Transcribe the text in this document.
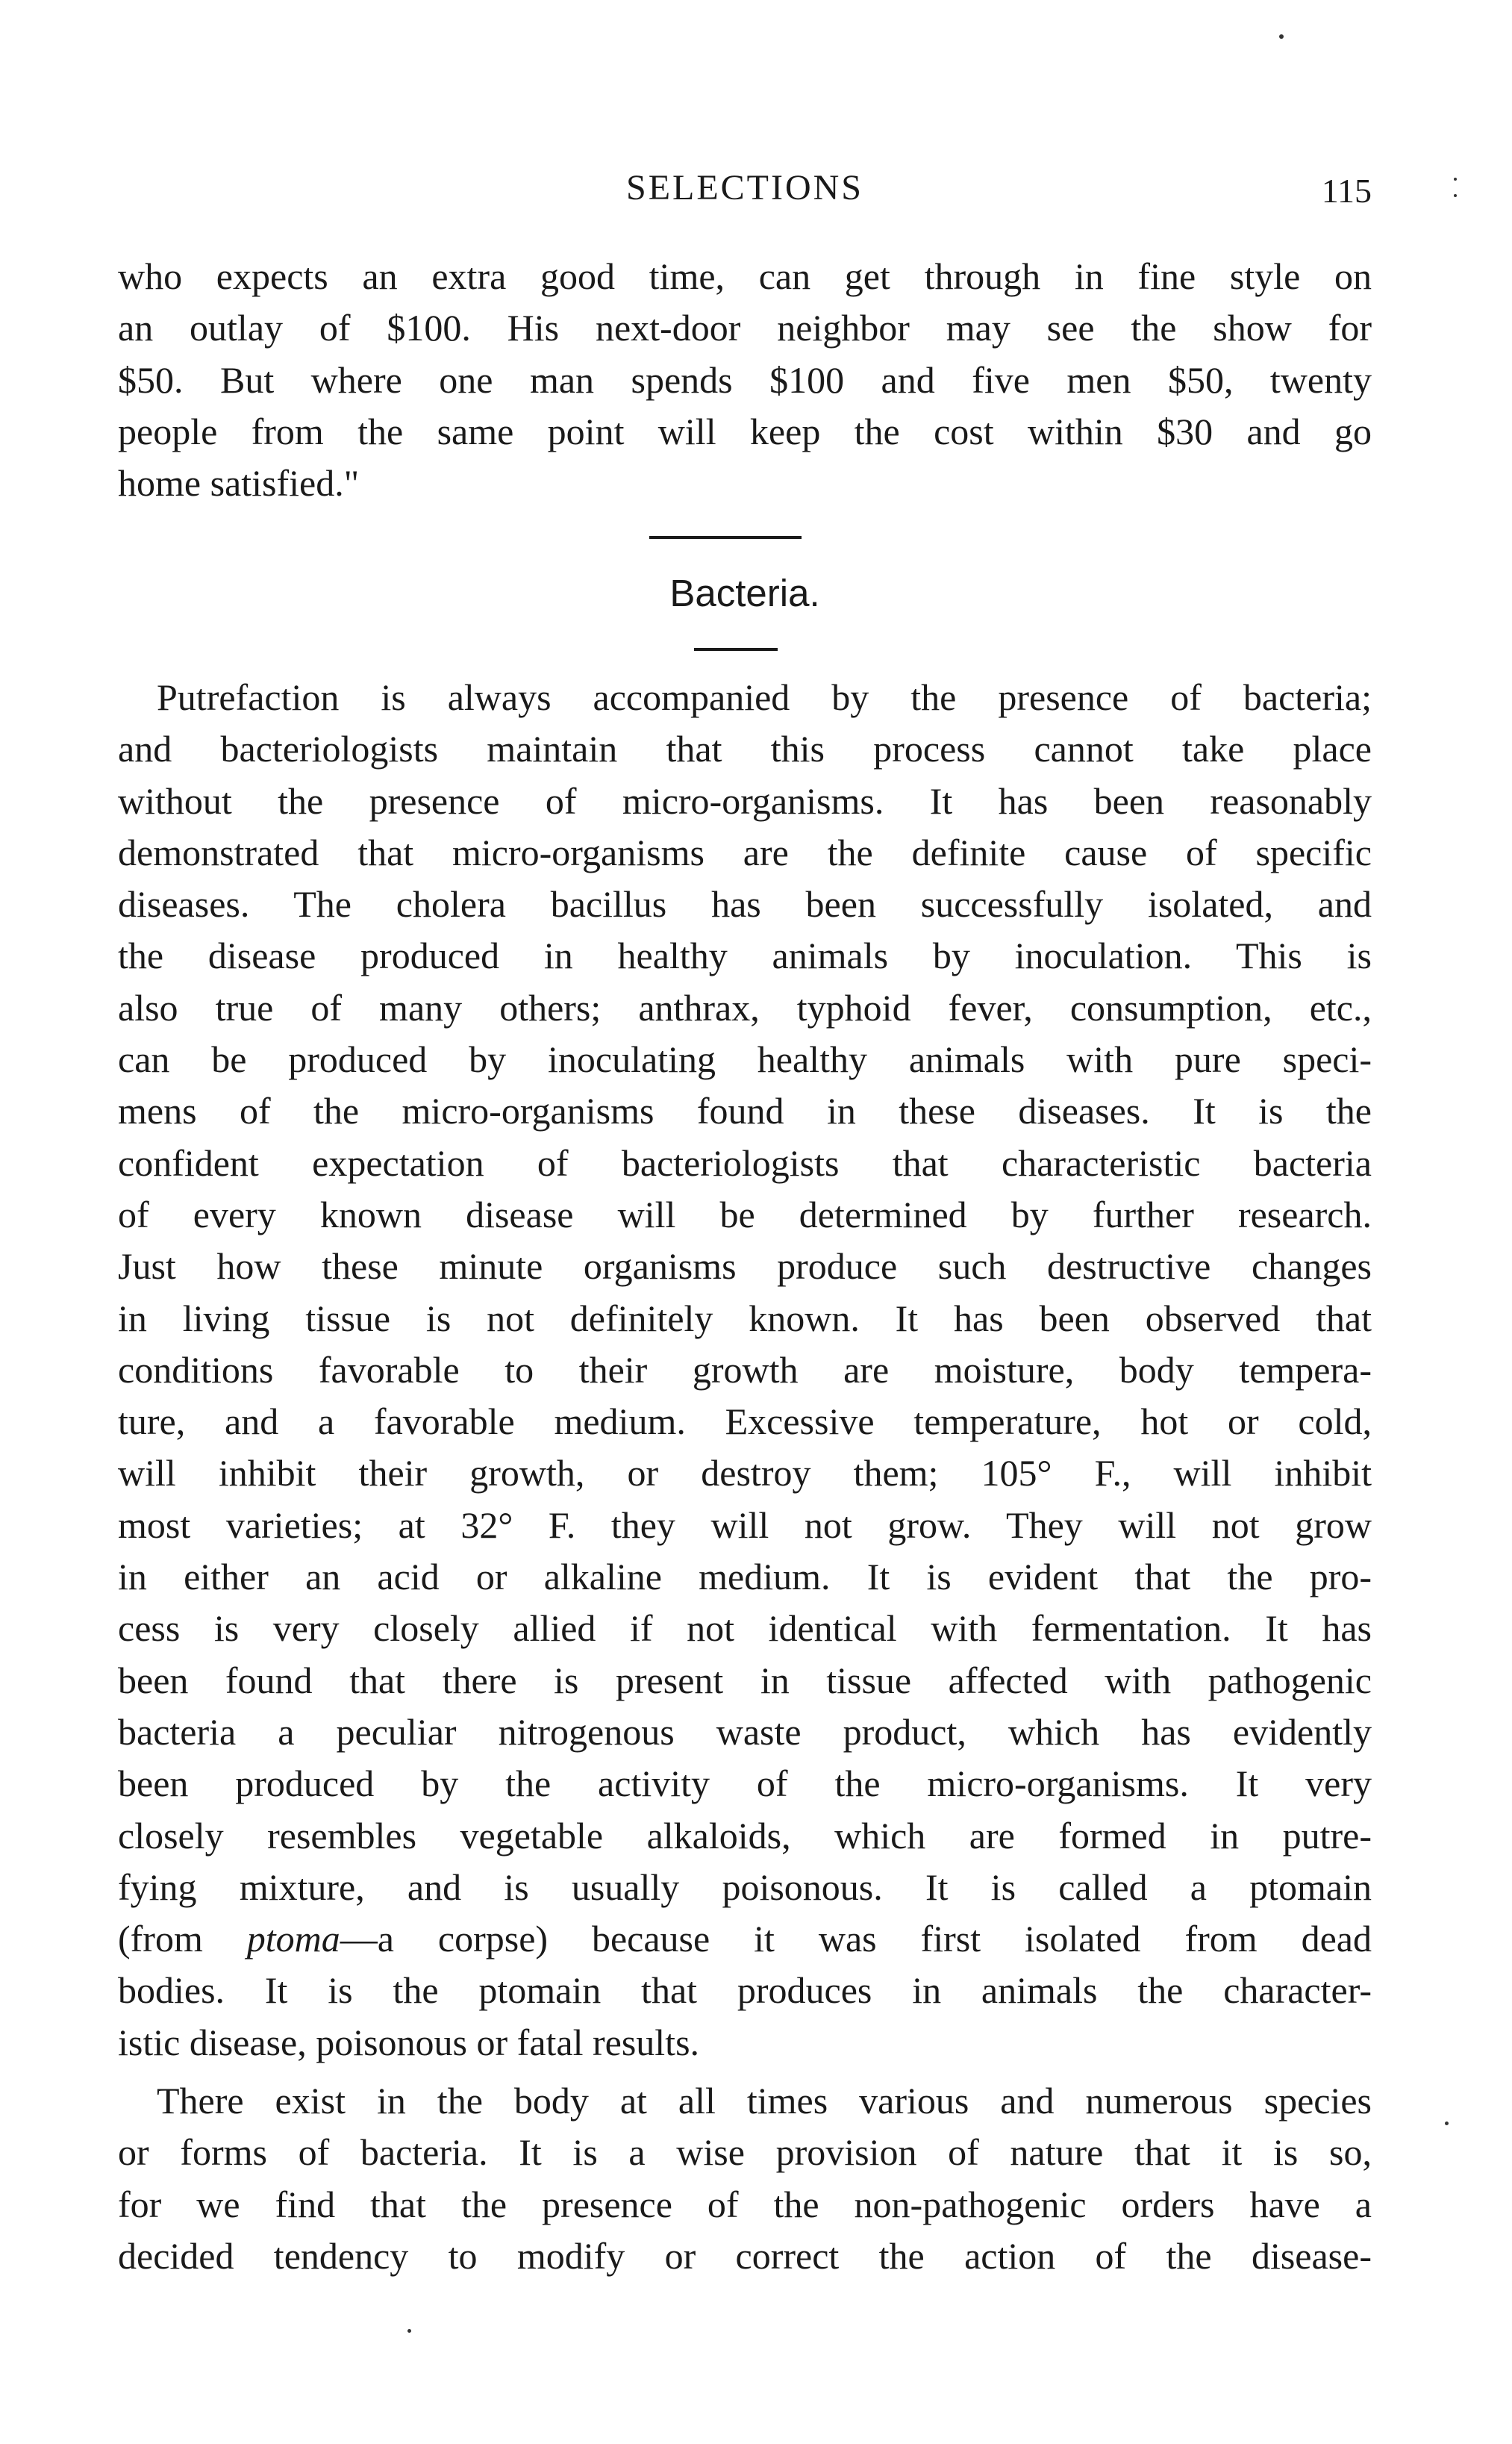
SELECTIONS	115
who expects an extra good time, can get through in fine style on
an outlay of $100. His next-door neighbor may see the show for
$50. But where one man spends $100 and five men $50, twenty
people from the same point will keep the cost within $30 and go
home satisfied."
Bacteria.
Putrefaction is always accompanied by the presence of bacteria;
and bacteriologists maintain that this process cannot take place
without the presence of micro-organisms. It has been reasonably
demonstrated that micro-organisms are the definite cause of specific
diseases. The cholera bacillus has been successfully isolated, and
the disease produced in healthy animals by inoculation. This is
also true of many others; anthrax, typhoid fever, consumption, etc.,
can be produced by inoculating healthy animals with pure speci-
mens of the micro-organisms found in these diseases. It is the
confident expectation of bacteriologists that characteristic bacteria
of every known disease will be determined by further research.
Just how these minute organisms produce such destructive changes
in living tissue is not definitely known. It has been observed that
conditions favorable to their growth are moisture, body tempera-
ture, and a favorable medium. Excessive temperature, hot or cold,
will inhibit their growth, or destroy them; 105° F., will inhibit
most varieties; at 32° F. they will not grow. They will not grow
in either an acid or alkaline medium. It is evident that the pro-
cess is very closely allied if not identical with fermentation. It has
been found that there is present in tissue affected with pathogenic
bacteria a peculiar nitrogenous waste product, which has evidently
been produced by the activity of the micro-organisms. It very
closely resembles vegetable alkaloids, which are formed in putre-
fying mixture, and is usually poisonous. It is called a ptomain
(from ptoma—a corpse) because it was first isolated from dead
bodies. It is the ptomain that produces in animals the character-
istic disease, poisonous or fatal results.
There exist in the body at all times various and numerous species
or forms of bacteria. It is a wise provision of nature that it is so,
for we find that the presence of the non-pathogenic orders have a
decided tendency to modify or correct the action of the disease-
